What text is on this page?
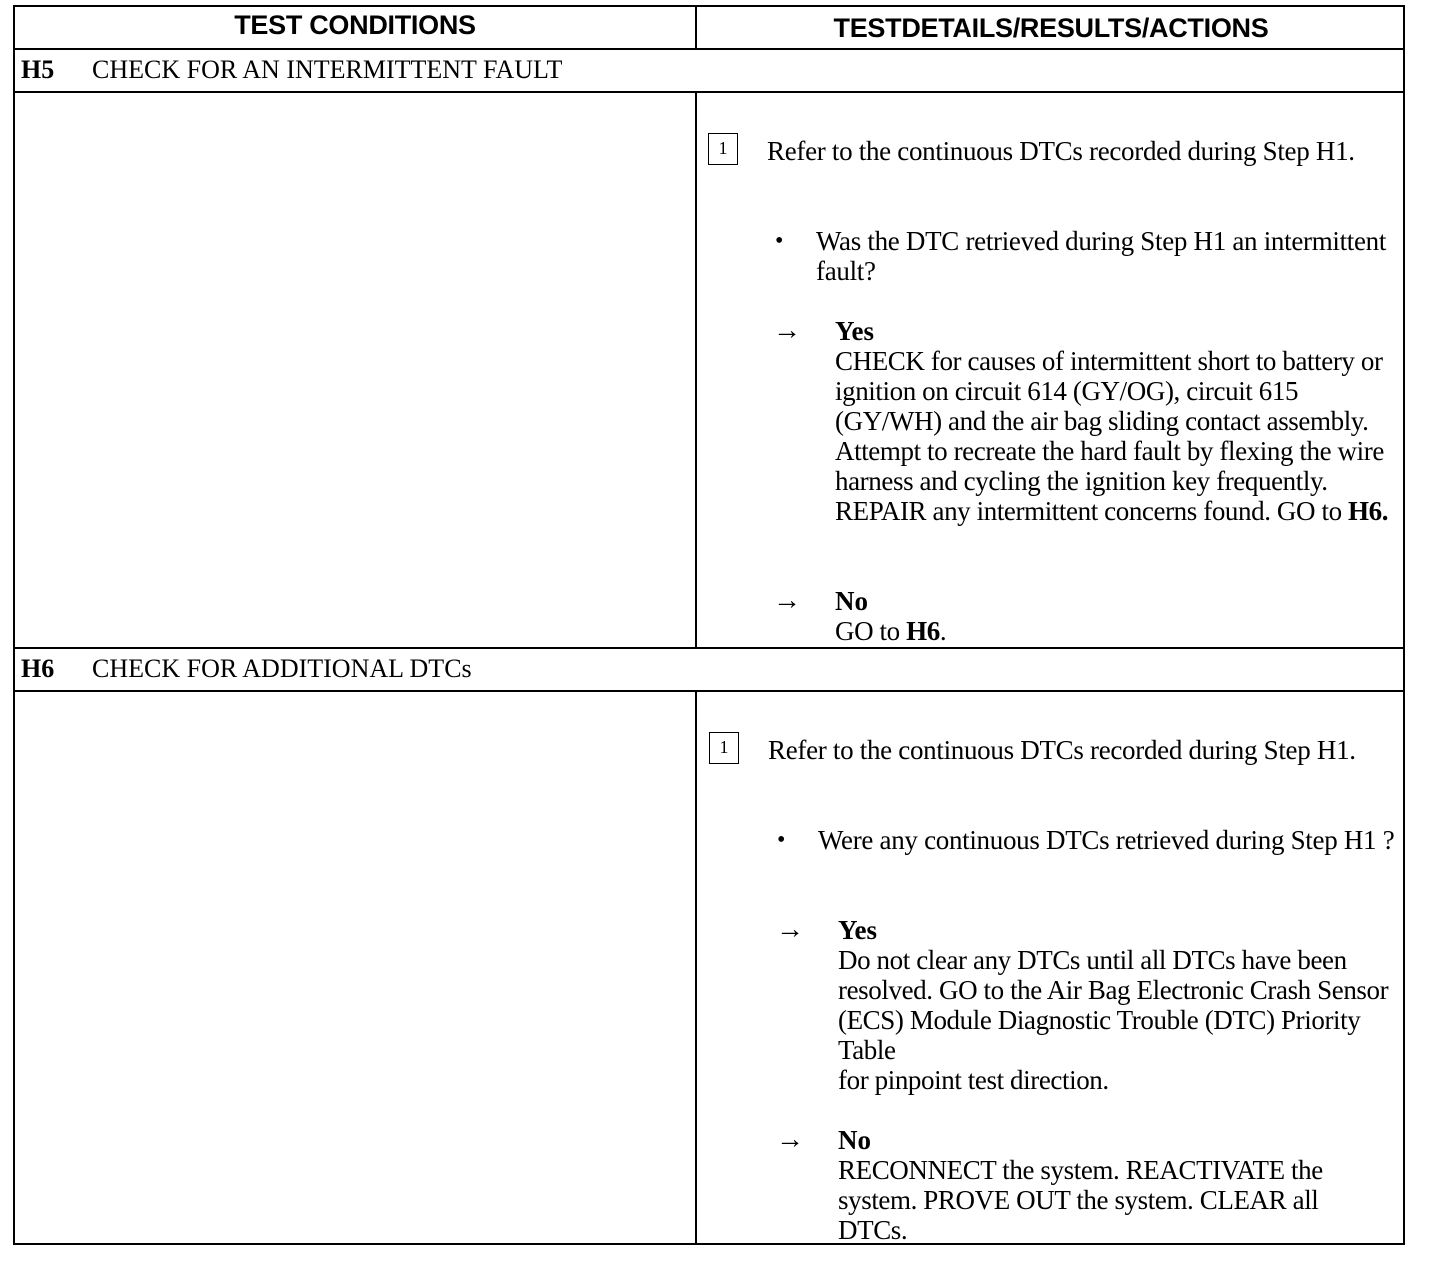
TEST CONDITIONS	TESTDETAILS/RESULTS/ACTIONS
H5 CHECK FOR AN INTERMITTENT FAULT
1	Refer to the continuous DTCs recorded during Step H1.
• Was the DTC retrieved during Step H1 an intermittent fault?
→ Yes
CHECK for causes of intermittent short to battery or ignition on circuit 614 (GY/OG), circuit 615 (GY/WH) and the air bag sliding contact assembly. Attempt to recreate the hard fault by flexing the wire harness and cycling the ignition key frequently. REPAIR any intermittent concerns found. GO to H6.
→ No
GO to H6.
H6 CHECK FOR ADDITIONAL DTCs
1	Refer to the continuous DTCs recorded during Step H1.
• Were any continuous DTCs retrieved during Step H1 ?
→ Yes
Do not clear any DTCs until all DTCs have been resolved. GO to the Air Bag Electronic Crash Sensor (ECS) Module Diagnostic Trouble (DTC) Priority Table
for pinpoint test direction.
→ No
RECONNECT the system. REACTIVATE the system. PROVE OUT the system. CLEAR all DTCs.
